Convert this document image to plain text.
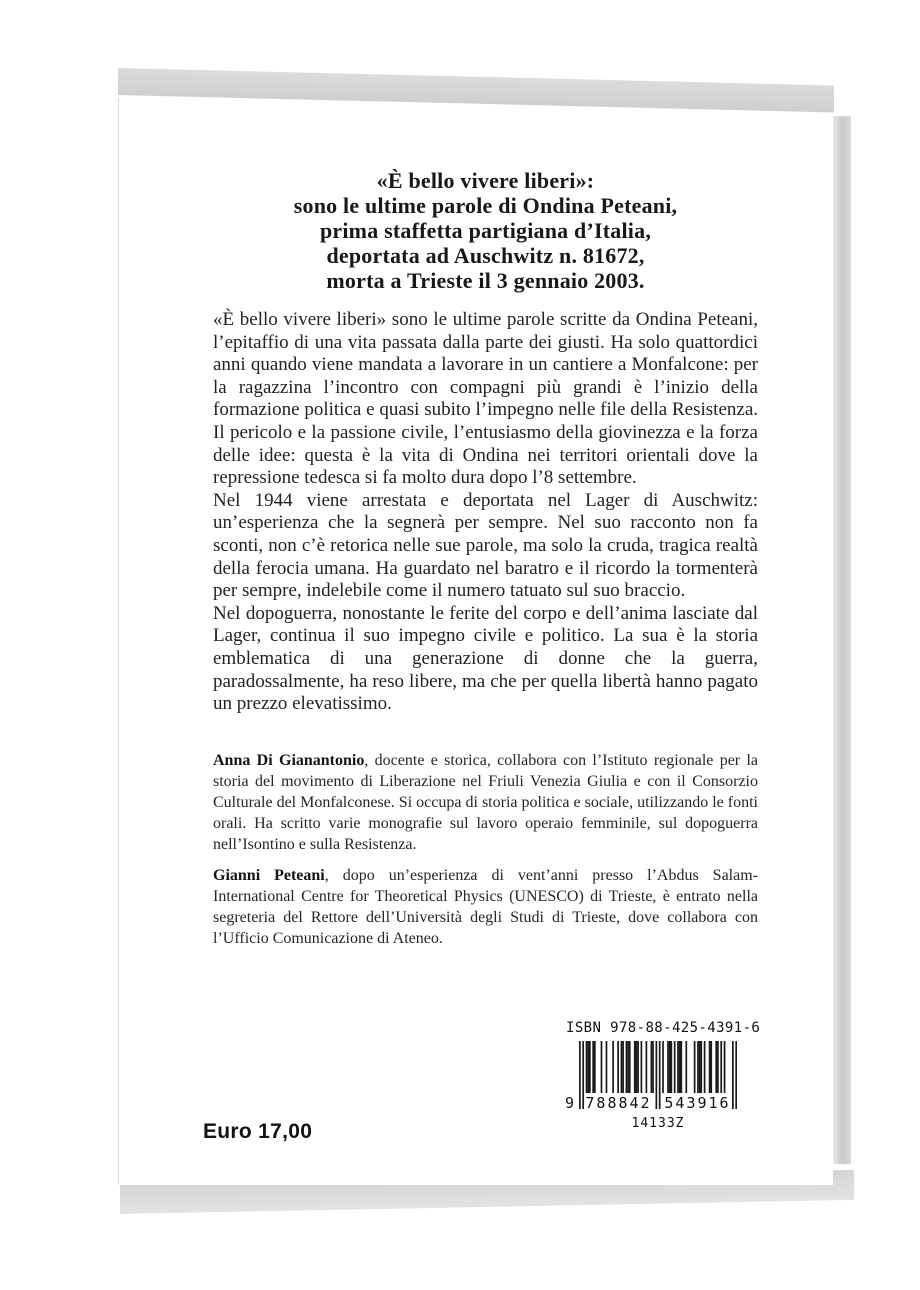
«È bello vivere liberi»:
sono le ultime parole di Ondina Peteani,
prima staffetta partigiana d’Italia,
deportata ad Auschwitz n. 81672,
morta a Trieste il 3 gennaio 2003.

«È bello vivere liberi» sono le ultime parole scritte da Ondina Peteani, l’epitaffio di una vita passata dalla parte dei giusti. Ha solo quattordici anni quando viene mandata a lavorare in un cantiere a Monfalcone: per la ragazzina l’incontro con compagni più grandi è l’inizio della formazione politica e quasi subito l’impegno nelle file della Resistenza. Il pericolo e la passione civile, l’entusiasmo della giovinezza e la forza delle idee: questa è la vita di Ondina nei territori orientali dove la repressione tedesca si fa molto dura dopo l’8 settembre.

Nel 1944 viene arrestata e deportata nel Lager di Auschwitz: un’esperienza che la segnerà per sempre. Nel suo racconto non fa sconti, non c’è retorica nelle sue parole, ma solo la cruda, tragica realtà della ferocia umana. Ha guardato nel baratro e il ricordo la tormenterà per sempre, indelebile come il numero tatuato sul suo braccio.

Nel dopoguerra, nonostante le ferite del corpo e dell’anima lasciate dal Lager, continua il suo impegno civile e politico. La sua è la storia emblematica di una generazione di donne che la guerra, paradossalmente, ha reso libere, ma che per quella libertà hanno pagato un prezzo elevatissimo.

Anna Di Gianantonio, docente e storica, collabora con l’Istituto regionale per la storia del movimento di Liberazione nel Friuli Venezia Giulia e con il Consorzio Culturale del Monfalconese. Si occupa di storia politica e sociale, utilizzando le fonti orali. Ha scritto varie monografie sul lavoro operaio femminile, sul dopoguerra nell’Isontino e sulla Resistenza.

Gianni Peteani, dopo un’esperienza di vent’anni presso l’Abdus Salam-International Centre for Theoretical Physics (UNESCO) di Trieste, è entrato nella segreteria del Rettore dell’Università degli Studi di Trieste, dove collabora con l’Ufficio Comunicazione di Ateneo.

ISBN 978-88-425-4391-6
9 788842 543916
14133Z
Euro 17,00
